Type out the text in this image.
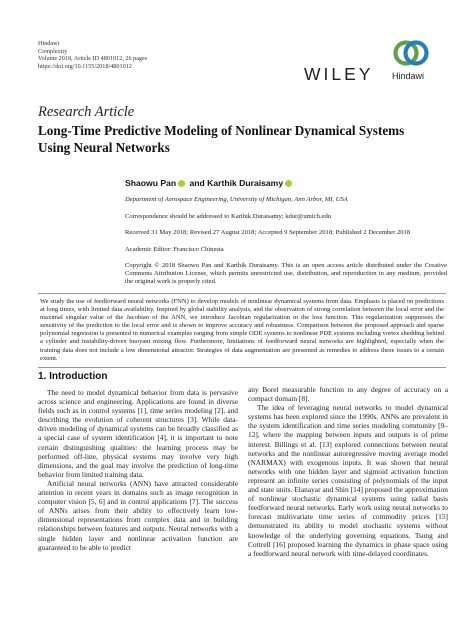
Hindawi
Complexity
Volume 2018, Article ID 4801012, 26 pages
https://doi.org/10.1155/2018/4801012	WILEY Hindawi
Research Article
Long-Time Predictive Modeling of Nonlinear Dynamical Systems Using Neural Networks
Shaowu Pan and Karthik Duraisamy
Department of Aerospace Engineering, University of Michigan, Ann Arbor, MI, USA
Correspondence should be addressed to Karthik Duraisamy; kdur@umich.edu
Received 31 May 2018; Revised 27 August 2018; Accepted 9 September 2018; Published 2 December 2018
Academic Editor: Francisco Chinesta
Copyright © 2018 Shaowu Pan and Karthik Duraisamy. This is an open access article distributed under the Creative Commons Attribution License, which permits unrestricted use, distribution, and reproduction in any medium, provided the original work is properly cited.
We study the use of feedforward neural networks (FNN) to develop models of nonlinear dynamical systems from data. Emphasis is placed on predictions at long times, with limited data availability. Inspired by global stability analysis, and the observation of strong correlation between the local error and the maximal singular value of the Jacobian of the ANN, we introduce Jacobian regularization in the loss function. This regularization suppresses the sensitivity of the prediction to the local error and is shown to improve accuracy and robustness. Comparison between the proposed approach and sparse polynomial regression is presented in numerical examples ranging from simple ODE systems to nonlinear PDE systems including vortex shedding behind a cylinder and instability-driven buoyant mixing flow. Furthermore, limitations of feedforward neural networks are highlighted, especially when the training data does not include a low dimensional attractor. Strategies of data augmentation are presented as remedies to address these issues to a certain extent.
1. Introduction

The need to model dynamical behavior from data is pervasive across science and engineering. Applications are found in diverse fields such as in control systems [1], time series modeling [2], and describing the evolution of coherent structures [3]. While data-driven modeling of dynamical systems can be broadly classified as a special case of system identification [4], it is important to note certain distinguishing qualities: the learning process may be performed off-line, physical systems may involve very high dimensions, and the goal may involve the prediction of long-time behavior from limited training data.

Artificial neural networks (ANN) have attracted considerable attention in recent years in domains such as image recognition in computer vision [5, 6] and in control applications [7]. The success of ANNs arises from their ability to effectively learn low-dimensional representations from complex data and in building relationships between features and outputs. Neural networks with a single hidden layer and nonlinear activation function are guaranteed to be able to predict

any Borel measurable function to any degree of accuracy on a compact domain [8].

The idea of leveraging neural networks to model dynamical systems has been explored since the 1990s. ANNs are prevalent in the system identification and time series modeling community [9–12], where the mapping between inputs and outputs is of prime interest. Billings et al. [13] explored connections between neural networks and the nonlinear autoregressive moving average model (NARMAX) with exogenous inputs. It was shown that neural networks with one hidden layer and sigmoid activation function represent an infinite series consisting of polynomials of the input and state units. Elanayar and Shin [14] proposed the approximation of nonlinear stochastic dynamical systems using radial basis feedforward neural networks. Early work using neural networks to forecast multivariate time series of commodity prices [15] demonstrated its ability to model stochastic systems without knowledge of the underlying governing equations. Tsung and Cottrell [16] proposed learning the dynamics in phase space using a feedforward neural network with time-delayed coordinates.
